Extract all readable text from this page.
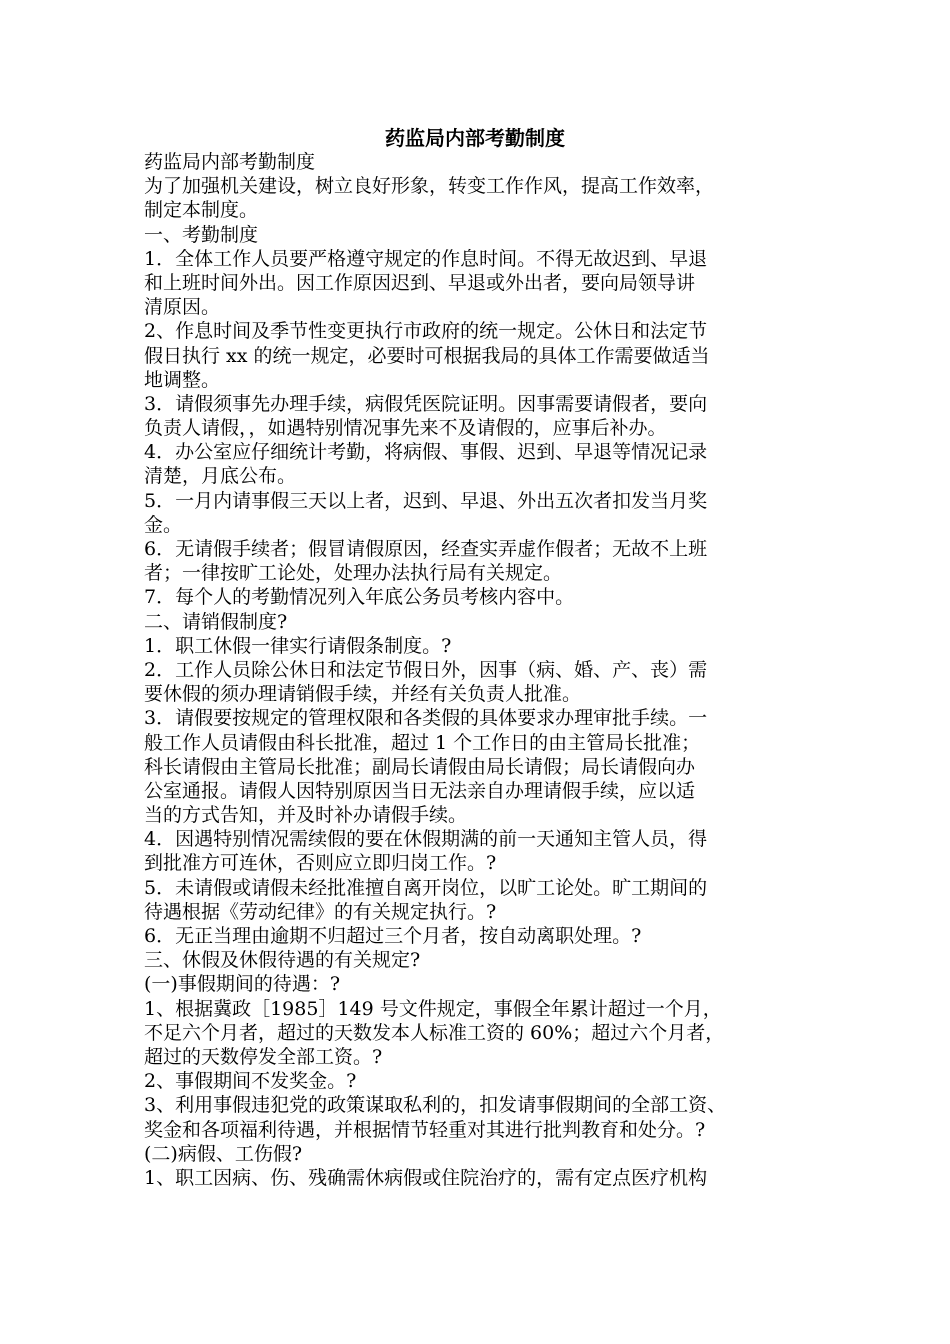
药监局内部考勤制度

药监局内部考勤制度

为了加强机关建设，树立良好形象，转变工作作风，提高工作效率，

制定本制度。

一、考勤制度

1．全体工作人员要严格遵守规定的作息时间。不得无故迟到、早退

和上班时间外出。因工作原因迟到、早退或外出者，要向局领导讲

清原因。

2、作息时间及季节性变更执行市政府的统一规定。公休日和法定节

假日执行 xx 的统一规定，必要时可根据我局的具体工作需要做适当

地调整。

3．请假须事先办理手续，病假凭医院证明。因事需要请假者，要向

负责人请假，，如遇特别情况事先来不及请假的，应事后补办。

4．办公室应仔细统计考勤，将病假、事假、迟到、早退等情况记录

清楚，月底公布。

5．一月内请事假三天以上者，迟到、早退、外出五次者扣发当月奖

金。

6．无请假手续者；假冒请假原因，经查实弄虚作假者；无故不上班

者；一律按旷工论处，处理办法执行局有关规定。

7．每个人的考勤情况列入年底公务员考核内容中。

二、请销假制度?

1．职工休假一律实行请假条制度。?

2．工作人员除公休日和法定节假日外，因事（病、婚、产、丧）需

要休假的须办理请销假手续，并经有关负责人批准。

3．请假要按规定的管理权限和各类假的具体要求办理审批手续。一

般工作人员请假由科长批准，超过 1 个工作日的由主管局长批准；

科长请假由主管局长批准；副局长请假由局长请假；局长请假向办

公室通报。请假人因特别原因当日无法亲自办理请假手续，应以适

当的方式告知，并及时补办请假手续。

4．因遇特别情况需续假的要在休假期满的前一天通知主管人员，得

到批准方可连休，否则应立即归岗工作。?

5．未请假或请假未经批准擅自离开岗位，以旷工论处。旷工期间的

待遇根据《劳动纪律》的有关规定执行。?

6．无正当理由逾期不归超过三个月者，按自动离职处理。?

三、休假及休假待遇的有关规定?

(一)事假期间的待遇：?

1、根据冀政［1985］149 号文件规定，事假全年累计超过一个月，

不足六个月者，超过的天数发本人标准工资的 60%；超过六个月者，

超过的天数停发全部工资。?

2、事假期间不发奖金。?

3、利用事假违犯党的政策谋取私利的，扣发请事假期间的全部工资、

奖金和各项福利待遇，并根据情节轻重对其进行批判教育和处分。?

(二)病假、工伤假?

1、职工因病、伤、残确需休病假或住院治疗的，需有定点医疗机构
